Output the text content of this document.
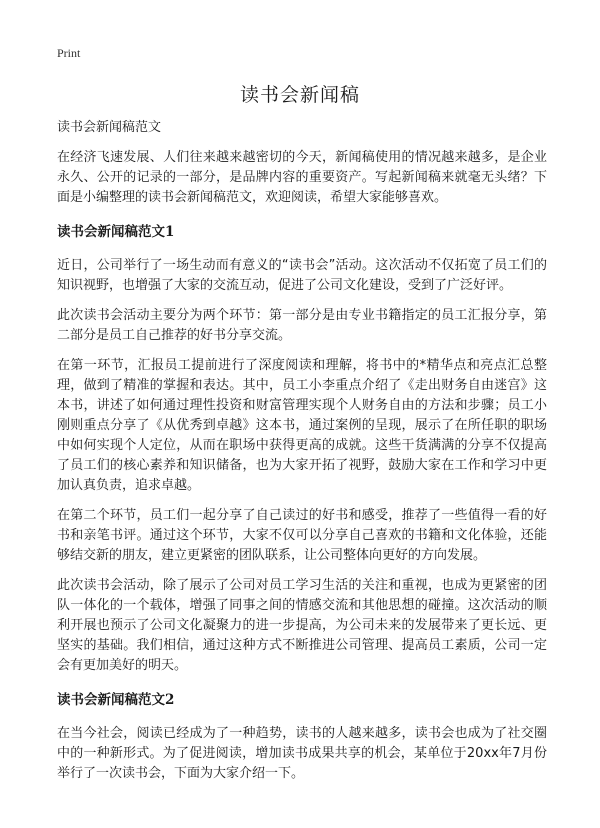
Print
读书会新闻稿

读书会新闻稿范文

在经济飞速发展、人们往来越来越密切的今天，新闻稿使用的情况越来越多，是企业永久、公开的记录的一部分，是品牌内容的重要资产。写起新闻稿来就毫无头绪？下面是小编整理的读书会新闻稿范文，欢迎阅读，希望大家能够喜欢。

读书会新闻稿范文1

近日，公司举行了一场生动而有意义的“读书会”活动。这次活动不仅拓宽了员工们的知识视野，也增强了大家的交流互动，促进了公司文化建设，受到了广泛好评。

此次读书会活动主要分为两个环节：第一部分是由专业书籍指定的员工汇报分享，第二部分是员工自己推荐的好书分享交流。

在第一环节，汇报员工提前进行了深度阅读和理解，将书中的*精华点和亮点汇总整理，做到了精准的掌握和表达。其中，员工小李重点介绍了《走出财务自由迷宫》这本书，讲述了如何通过理性投资和财富管理实现个人财务自由的方法和步骤；员工小刚则重点分享了《从优秀到卓越》这本书，通过案例的呈现，展示了在所任职的职场中如何实现个人定位，从而在职场中获得更高的成就。这些干货满满的分享不仅提高了员工们的核心素养和知识储备，也为大家开拓了视野，鼓励大家在工作和学习中更加认真负责，追求卓越。

在第二个环节，员工们一起分享了自己读过的好书和感受，推荐了一些值得一看的好书和亲笔书评。通过这个环节，大家不仅可以分享自己喜欢的书籍和文化体验，还能够结交新的朋友，建立更紧密的团队联系，让公司整体向更好的方向发展。

此次读书会活动，除了展示了公司对员工学习生活的关注和重视，也成为更紧密的团队一体化的一个载体，增强了同事之间的情感交流和其他思想的碰撞。这次活动的顺利开展也预示了公司文化凝聚力的进一步提高，为公司未来的发展带来了更长远、更坚实的基础。我们相信，通过这种方式不断推进公司管理、提高员工素质，公司一定会有更加美好的明天。

读书会新闻稿范文2

在当今社会，阅读已经成为了一种趋势，读书的人越来越多，读书会也成为了社交圈中的一种新形式。为了促进阅读，增加读书成果共享的机会，某单位于20xx年7月份举行了一次读书会，下面为大家介绍一下。
